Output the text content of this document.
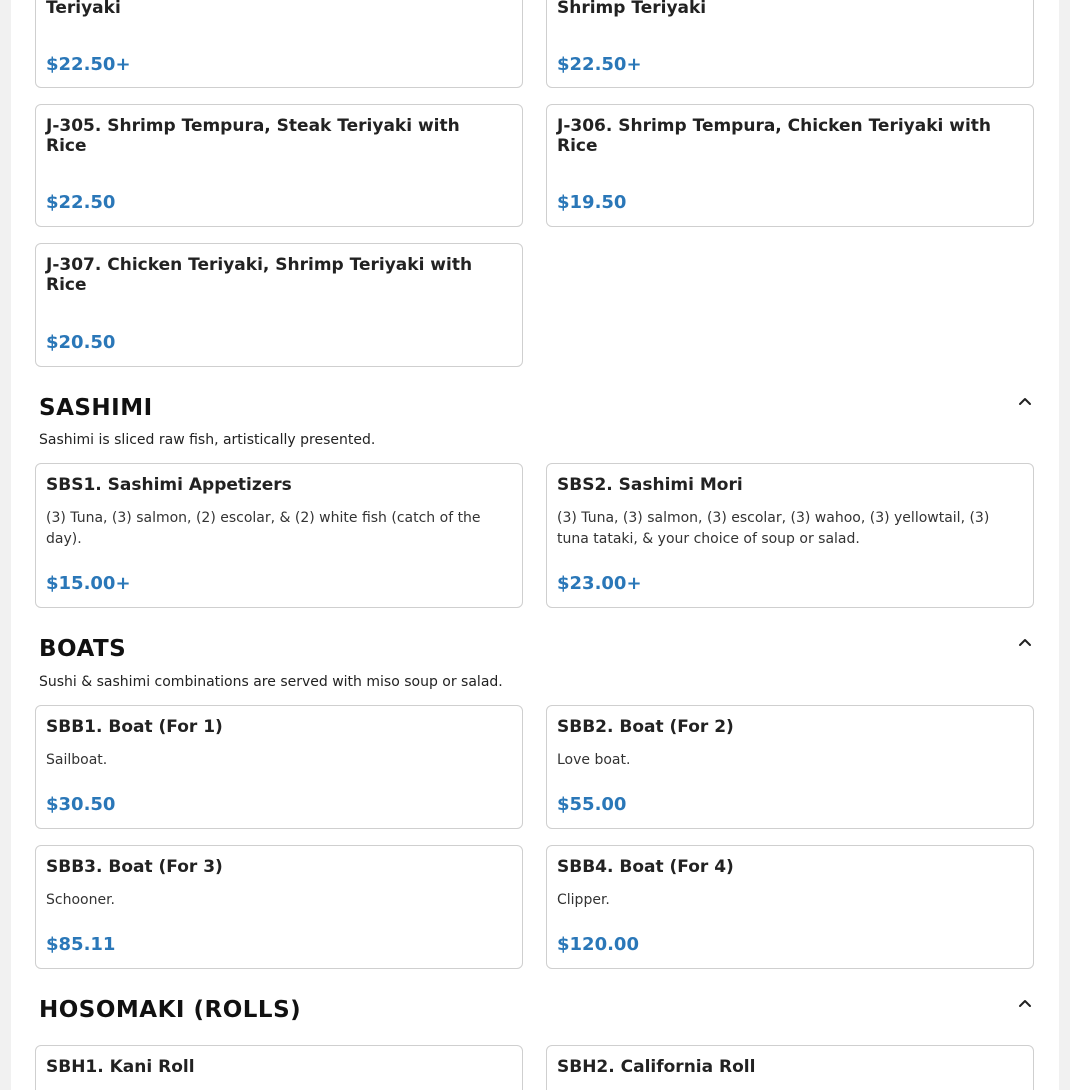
Teriyaki
$22.50+
Shrimp Teriyaki
$22.50+
J-305. Shrimp Tempura, Steak Teriyaki with Rice
$22.50
J-306. Shrimp Tempura, Chicken Teriyaki with Rice
$19.50
J-307. Chicken Teriyaki, Shrimp Teriyaki with Rice
$20.50
SASHIMI
Sashimi is sliced raw fish, artistically presented.
SBS1. Sashimi Appetizers
(3) Tuna, (3) salmon, (2) escolar, & (2) white fish (catch of the day).
$15.00+
SBS2. Sashimi Mori
(3) Tuna, (3) salmon, (3) escolar, (3) wahoo, (3) yellowtail, (3) tuna tataki, & your choice of soup or salad.
$23.00+
BOATS
Sushi & sashimi combinations are served with miso soup or salad.
SBB1. Boat (For 1)
Sailboat.
$30.50
SBB2. Boat (For 2)
Love boat.
$55.00
SBB3. Boat (For 3)
Schooner.
$85.11
SBB4. Boat (For 4)
Clipper.
$120.00
HOSOMAKI (ROLLS)
SBH1. Kani Roll	SBH2. California Roll
